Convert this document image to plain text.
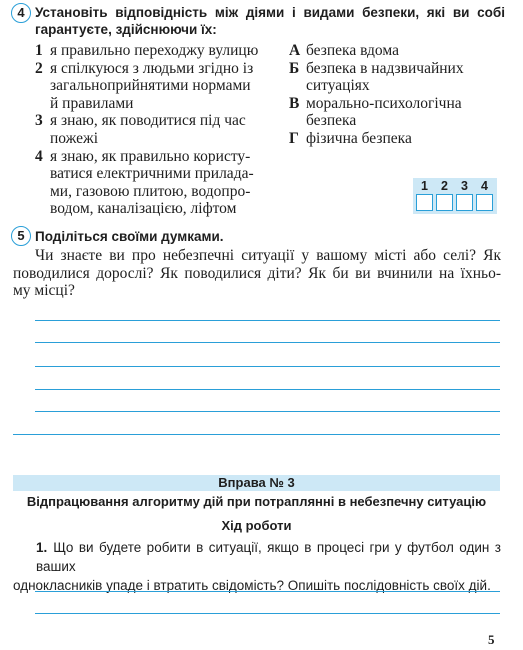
4 Установіть відповідність між діями і видами безпеки, які ви собі
гарантуєте, здійснюючи їх:
1 я правильно переходжу вулицю
2 я спілкуюся з людьми згідно із
загальноприйнятими нормами
й правилами
3 я знаю, як поводитися під час
пожежі
4 я знаю, як правильно користу-
ватися електричними прилада-
ми, газовою плитою, водопро-
водом, каналізацією, ліфтом
А безпека вдома
Б безпека в надзвичайних
ситуаціях
В морально-психологічна
безпека
Г фізична безпека
1 2 3 4
5 Поділіться своїми думками.
Чи знаєте ви про небезпечні ситуації у вашому місті або селі? Як
поводилися дорослі? Як поводилися діти? Як би ви вчинили на їхньо-
му місці?
Вправа № 3
Відпрацювання алгоритму дій при потраплянні в небезпечну ситуацію
Хід роботи
1. Що ви будете робити в ситуації, якщо в процесі гри у футбол один з ваших
однокласників упаде і втратить свідомість? Опишіть послідовність своїх дій.
5
